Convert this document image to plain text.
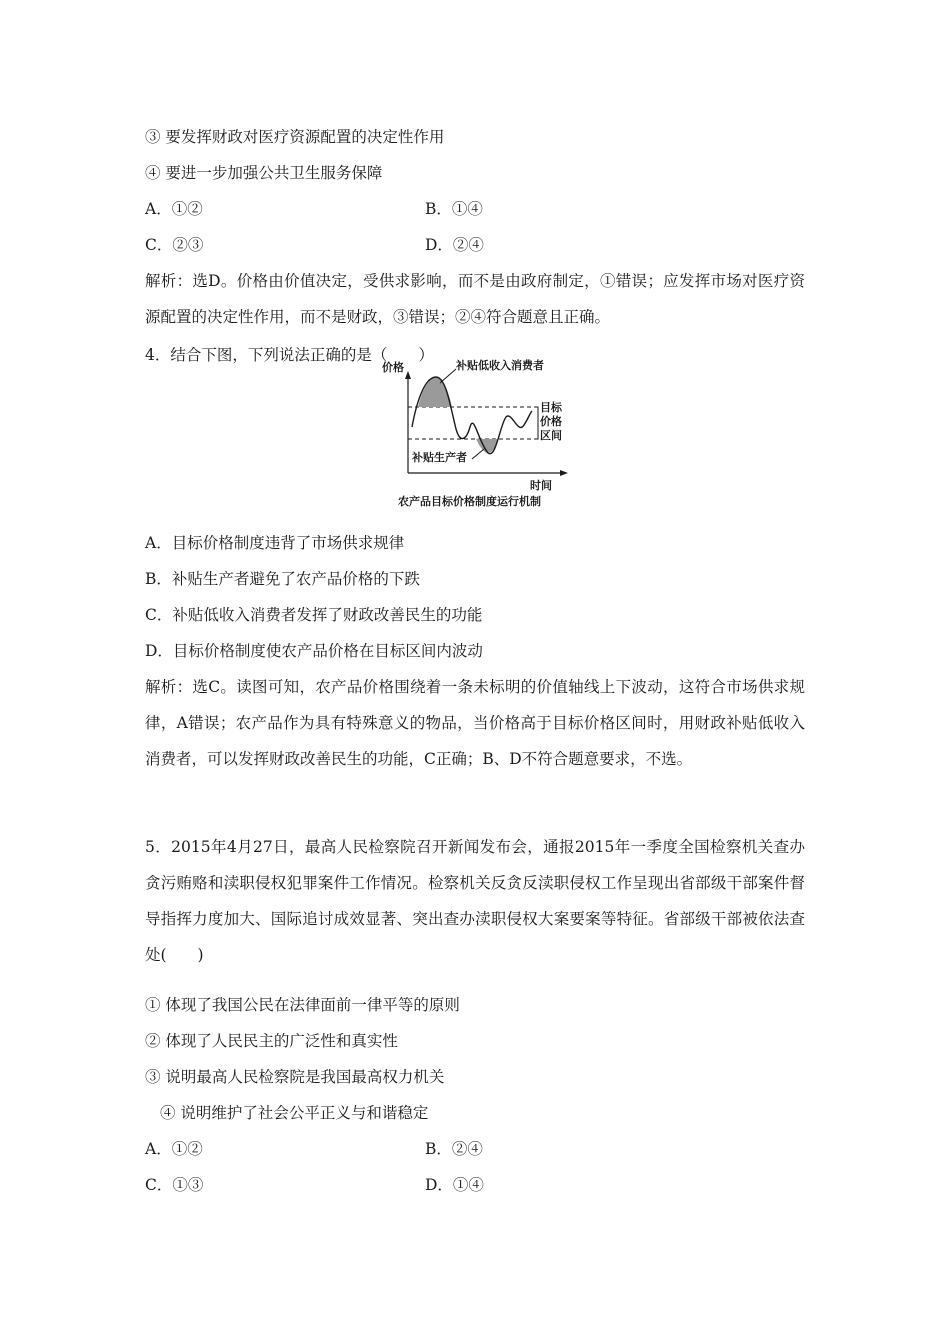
③ 要发挥财政对医疗资源配置的决定性作用
④ 要进一步加强公共卫生服务保障
A．①②	B．①④
C．②③	D．②④
解析：选D。价格由价值决定，受供求影响，而不是由政府制定，①错误；应发挥市场对医疗资源配置的决定性作用，而不是财政，③错误；②④符合题意且正确。
4．结合下图，下列说法正确的是（　　）
价格
时间
补贴低收入消费者
补贴生产者
目标
价格
区间
农产品目标价格制度运行机制
A．目标价格制度违背了市场供求规律
B．补贴生产者避免了农产品价格的下跌
C．补贴低收入消费者发挥了财政改善民生的功能
D．目标价格制度使农产品价格在目标区间内波动
解析：选C。读图可知，农产品价格围绕着一条未标明的价值轴线上下波动，这符合市场供求规律，A错误；农产品作为具有特殊意义的物品，当价格高于目标价格区间时，用财政补贴低收入消费者，可以发挥财政改善民生的功能，C正确；B、D不符合题意要求，不选。
5．2015年4月27日，最高人民检察院召开新闻发布会，通报2015年一季度全国检察机关查办贪污贿赂和渎职侵权犯罪案件工作情况。检察机关反贪反渎职侵权工作呈现出省部级干部案件督导指挥力度加大、国际追讨成效显著、突出查办渎职侵权大案要案等特征。省部级干部被依法查处(　　)
① 体现了我国公民在法律面前一律平等的原则
② 体现了人民民主的广泛性和真实性
③ 说明最高人民检察院是我国最高权力机关
④ 说明维护了社会公平正义与和谐稳定
A．①②	B．②④
C．①③	D．①④
